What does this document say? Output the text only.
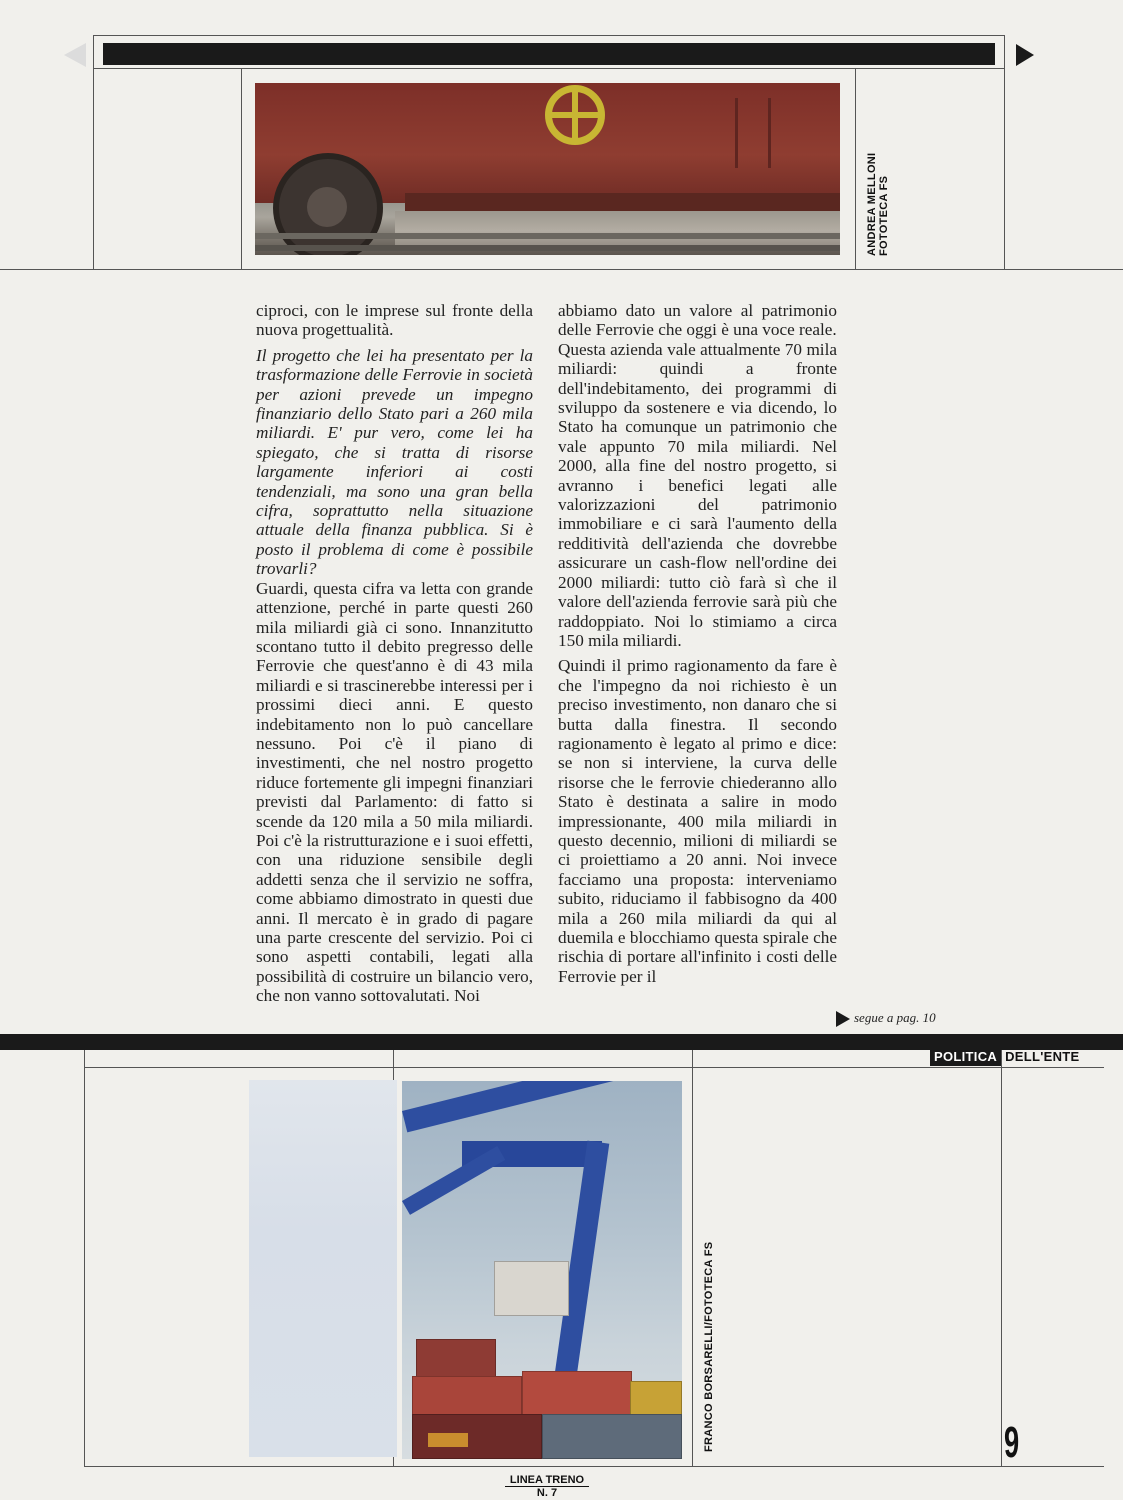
ANDREA MELLONI FOTOTECA FS

ciproci, con le imprese sul fronte della nuova progettualità.

Il progetto che lei ha presentato per la trasformazione delle Ferrovie in società per azioni prevede un impegno finanziario dello Stato pari a 260 mila miliardi. E' pur vero, come lei ha spiegato, che si tratta di risorse largamente inferiori ai costi tendenziali, ma sono una gran bella cifra, soprattutto nella situazione attuale della finanza pubblica. Si è posto il problema di come è possibile trovarli?

Guardi, questa cifra va letta con grande attenzione, perché in parte questi 260 mila miliardi già ci sono. Innanzitutto scontano tutto il debito pregresso delle Ferrovie che quest'anno è di 43 mila miliardi e si trascinerebbe interessi per i prossimi dieci anni. E questo indebitamento non lo può cancellare nessuno. Poi c'è il piano di investimenti, che nel nostro progetto riduce fortemente gli impegni finanziari previsti dal Parlamento: di fatto si scende da 120 mila a 50 mila miliardi. Poi c'è la ristrutturazione e i suoi effetti, con una riduzione sensibile degli addetti senza che il servizio ne soffra, come abbiamo dimostrato in questi due anni. Il mercato è in grado di pagare una parte crescente del servizio. Poi ci sono aspetti contabili, legati alla possibilità di costruire un bilancio vero, che non vanno sottovalutati. Noi

abbiamo dato un valore al patrimonio delle Ferrovie che oggi è una voce reale.

Questa azienda vale attualmente 70 mila miliardi: quindi a fronte dell'indebitamento, dei programmi di sviluppo da sostenere e via dicendo, lo Stato ha comunque un patrimonio che vale appunto 70 mila miliardi. Nel 2000, alla fine del nostro progetto, si avranno i benefici legati alle valorizzazioni del patrimonio immobiliare e ci sarà l'aumento della redditività dell'azienda che dovrebbe assicurare un cash-flow nell'ordine dei 2000 miliardi: tutto ciò farà sì che il valore dell'azienda ferrovie sarà più che raddoppiato. Noi lo stimiamo a circa 150 mila miliardi.

Quindi il primo ragionamento da fare è che l'impegno da noi richiesto è un preciso investimento, non danaro che si butta dalla finestra. Il secondo ragionamento è legato al primo e dice: se non si interviene, la curva delle risorse che le ferrovie chiederanno allo Stato è destinata a salire in modo impressionante, 400 mila miliardi in questo decennio, milioni di miliardi se ci proiettiamo a 20 anni. Noi invece facciamo una proposta: interveniamo subito, riduciamo il fabbisogno da 400 mila a 260 mila miliardi da qui al duemila e blocchiamo questa spirale che rischia di portare all'infinito i costi delle Ferrovie per il

segue a pag. 10
POLITICA DELL'ENTE
FRANCO BORSARELLI/FOTOTECA FS	9
LINEA TRENO
N. 7
